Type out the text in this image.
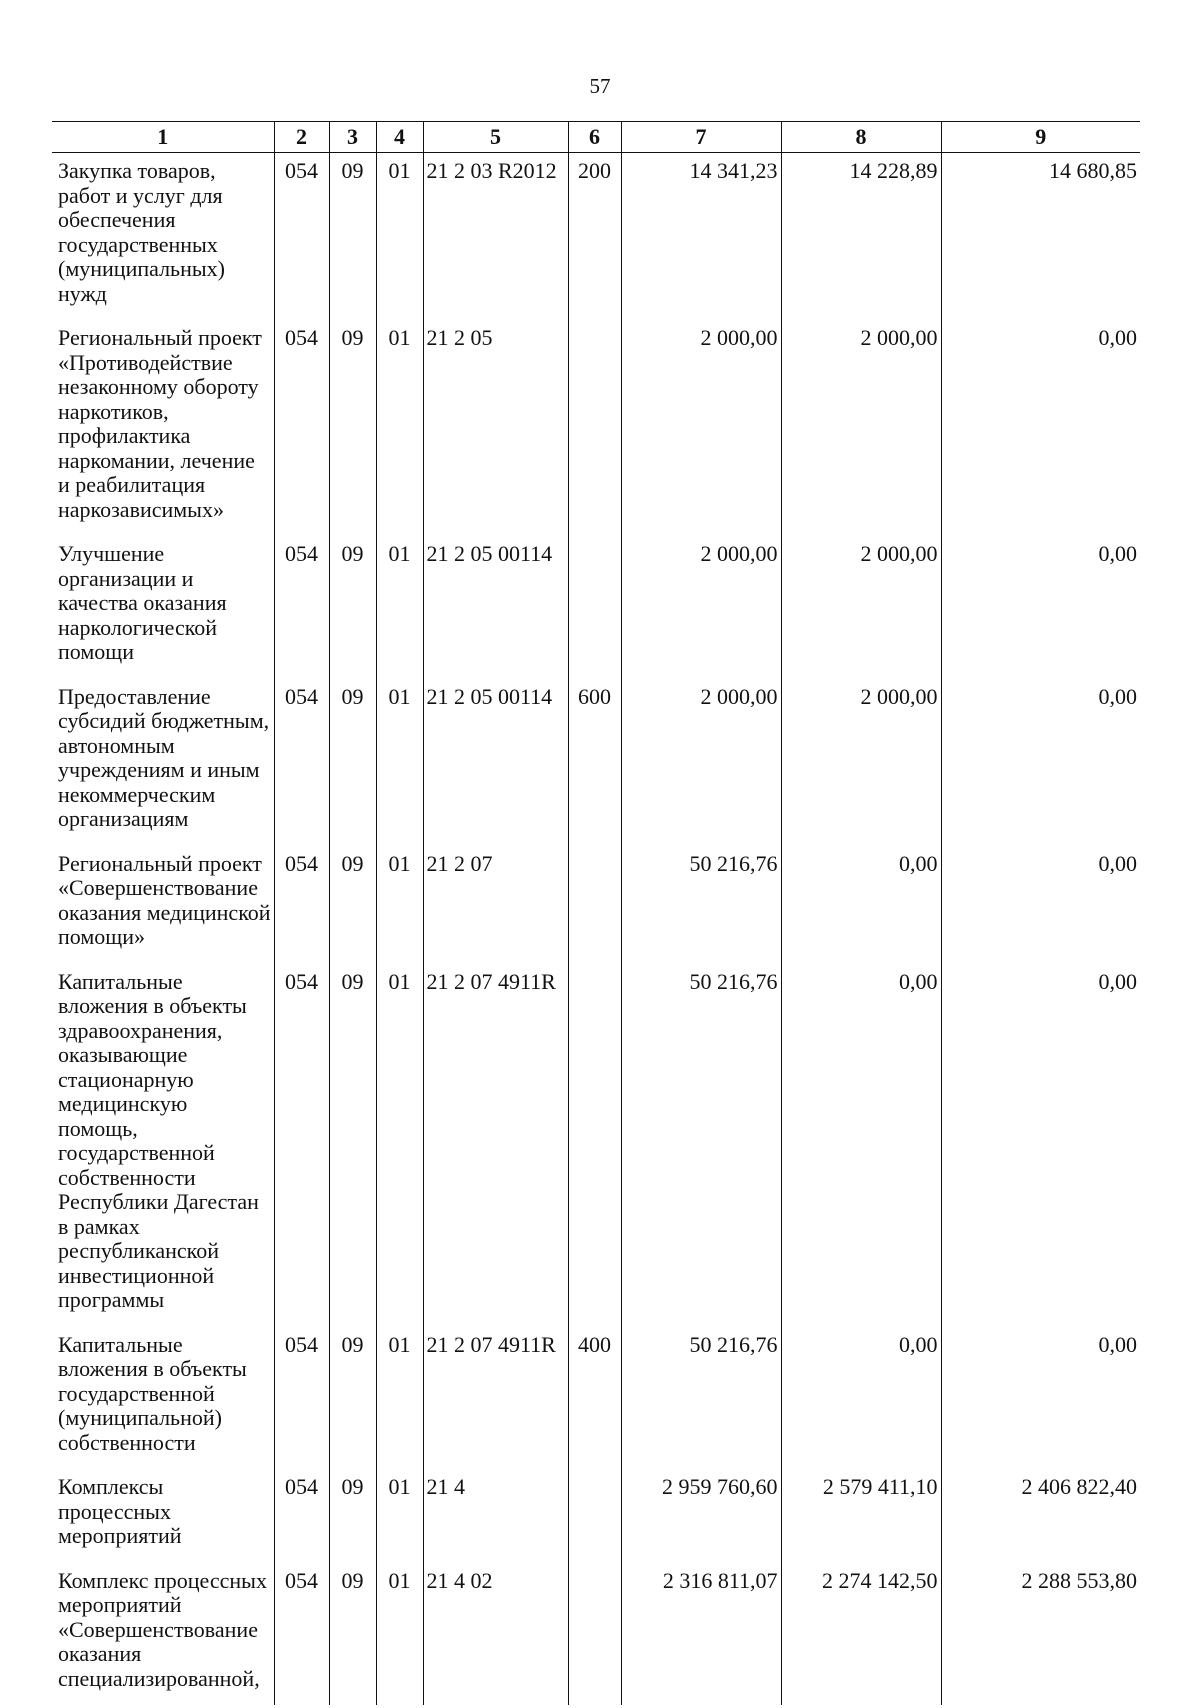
57
1	2	3	4	5	6	7	8	9
Закупка товаров, работ и услуг для обеспечения государственных (муниципальных) нужд	054	09	01	21 2 03 R2012	200	14 341,23	14 228,89	14 680,85
Региональный проект «Противодействие незаконному обороту наркотиков, профилактика наркомании, лечение и реабилитация наркозависимых»	054	09	01	21 2 05		2 000,00	2 000,00	0,00
Улучшение организации и качества оказания наркологической помощи	054	09	01	21 2 05 00114		2 000,00	2 000,00	0,00
Предоставление субсидий бюджетным, автономным учреждениям и иным некоммерческим организациям	054	09	01	21 2 05 00114	600	2 000,00	2 000,00	0,00
Региональный проект «Совершенствование оказания медицинской помощи»	054	09	01	21 2 07		50 216,76	0,00	0,00
Капитальные вложения в объекты здравоохранения, оказывающие стационарную медицинскую помощь, государственной собственности Республики Дагестан в рамках республиканской инвестиционной программы	054	09	01	21 2 07 4911R		50 216,76	0,00	0,00
Капитальные вложения в объекты государственной (муниципальной) собственности	054	09	01	21 2 07 4911R	400	50 216,76	0,00	0,00
Комплексы процессных мероприятий	054	09	01	21 4		2 959 760,60	2 579 411,10	2 406 822,40
Комплекс процессных мероприятий «Совершенствование оказания специализированной,	054	09	01	21 4 02		2 316 811,07	2 274 142,50	2 288 553,80
